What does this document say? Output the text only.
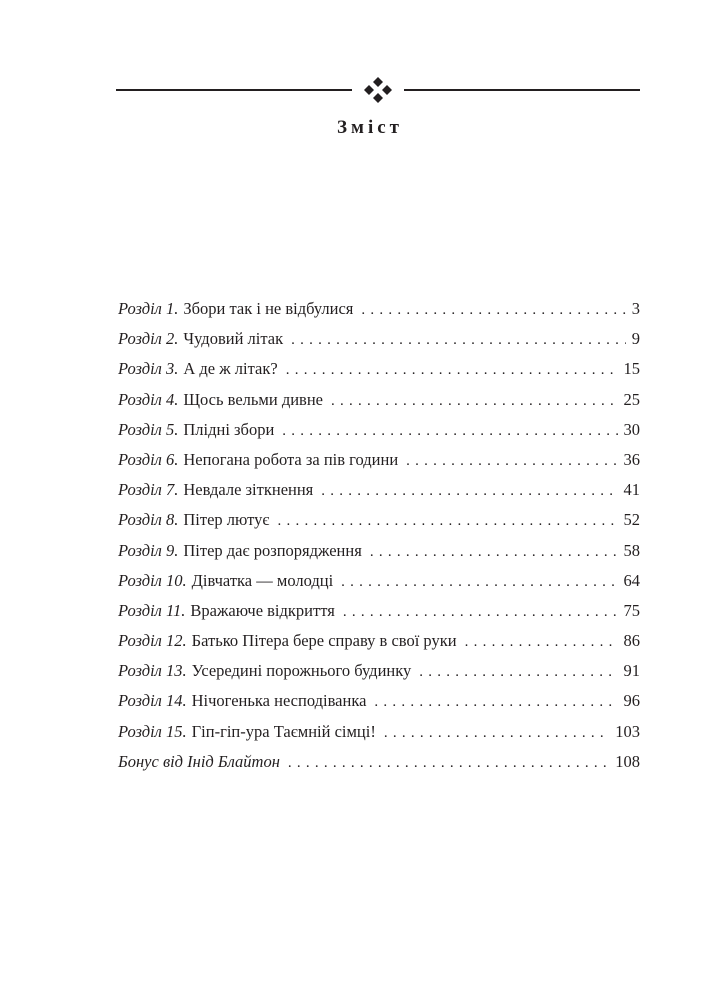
Зміст
Розділ 1. Збори так і не відбулися . . .	3
Розділ 2. Чудовий літак . . .	9
Розділ 3. А де ж літак? . . .	15
Розділ 4. Щось вельми дивне . . .	25
Розділ 5. Плідні збори . . .	30
Розділ 6. Непогана робота за пів години . . .	36
Розділ 7. Невдале зіткнення . . .	41
Розділ 8. Пітер лютує . . .	52
Розділ 9. Пітер дає розпорядження . . .	58
Розділ 10. Дівчатка — молодці . . .	64
Розділ 11. Вражаюче відкриття . . .	75
Розділ 12. Батько Пітера бере справу в свої руки . . .	86
Розділ 13. Усередині порожнього будинку . . .	91
Розділ 14. Нічогенька несподіванка . . .	96
Розділ 15. Гіп-гіп-ура Таємній сімці! . . .	103
Бонус від Інід Блайтон . . .	108
